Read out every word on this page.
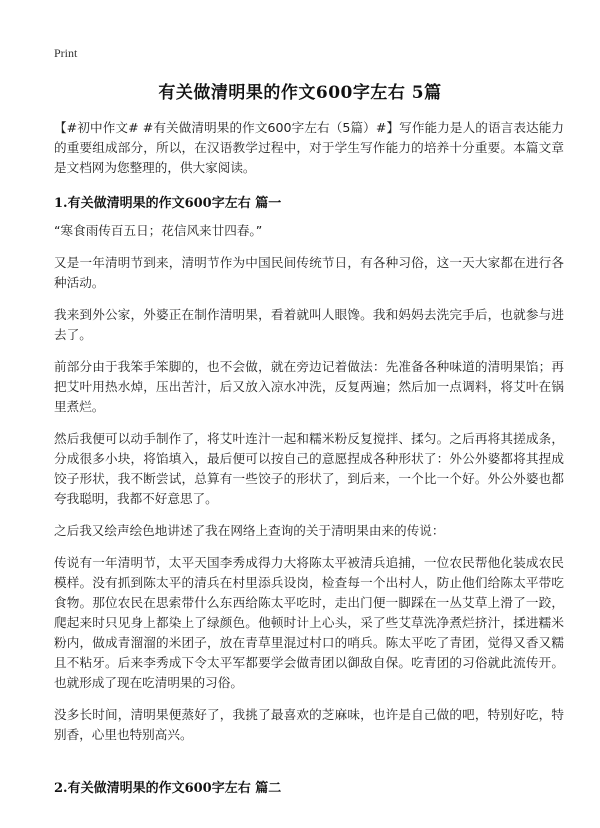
Print
有关做清明果的作文600字左右 5篇

【#初中作文# #有关做清明果的作文600字左右（5篇）#】写作能力是人的语言表达能力的重要组成部分，所以，在汉语教学过程中，对于学生写作能力的培养十分重要。本篇文章是文档网为您整理的，供大家阅读。

1.有关做清明果的作文600字左右 篇一

“寒食雨传百五日；花信风来廿四春。”

又是一年清明节到来，清明节作为中国民间传统节日，有各种习俗，这一天大家都在进行各种活动。

我来到外公家，外婆正在制作清明果，看着就叫人眼馋。我和妈妈去洗完手后，也就参与进去了。

前部分由于我笨手笨脚的，也不会做，就在旁边记着做法：先准备各种味道的清明果馅；再把艾叶用热水焯，压出苦汁，后又放入凉水冲洗，反复两遍；然后加一点调料，将艾叶在锅里煮烂。

然后我便可以动手制作了，将艾叶连汁一起和糯米粉反复搅拌、揉匀。之后再将其搓成条，分成很多小块，将馅填入，最后便可以按自己的意愿捏成各种形状了：外公外婆都将其捏成饺子形状，我不断尝试，总算有一些饺子的形状了，到后来，一个比一个好。外公外婆也都夸我聪明，我都不好意思了。

之后我又绘声绘色地讲述了我在网络上查询的关于清明果由来的传说：

传说有一年清明节，太平天国李秀成得力大将陈太平被清兵追捕，一位农民帮他化装成农民模样。没有抓到陈太平的清兵在村里添兵设岗，检查每一个出村人，防止他们给陈太平带吃食物。那位农民在思索带什么东西给陈太平吃时，走出门便一脚踩在一丛艾草上滑了一跤，爬起来时只见身上都染上了绿颜色。他顿时计上心头，采了些艾草洗净煮烂挤汁，揉进糯米粉内，做成青溜溜的米团子，放在青草里混过村口的哨兵。陈太平吃了青团，觉得又香又糯且不粘牙。后来李秀成下令太平军都要学会做青团以御敌自保。吃青团的习俗就此流传开。也就形成了现在吃清明果的习俗。

没多长时间，清明果便蒸好了，我挑了最喜欢的芝麻味，也许是自己做的吧，特别好吃，特别香，心里也特别高兴。

2.有关做清明果的作文600字左右 篇二
